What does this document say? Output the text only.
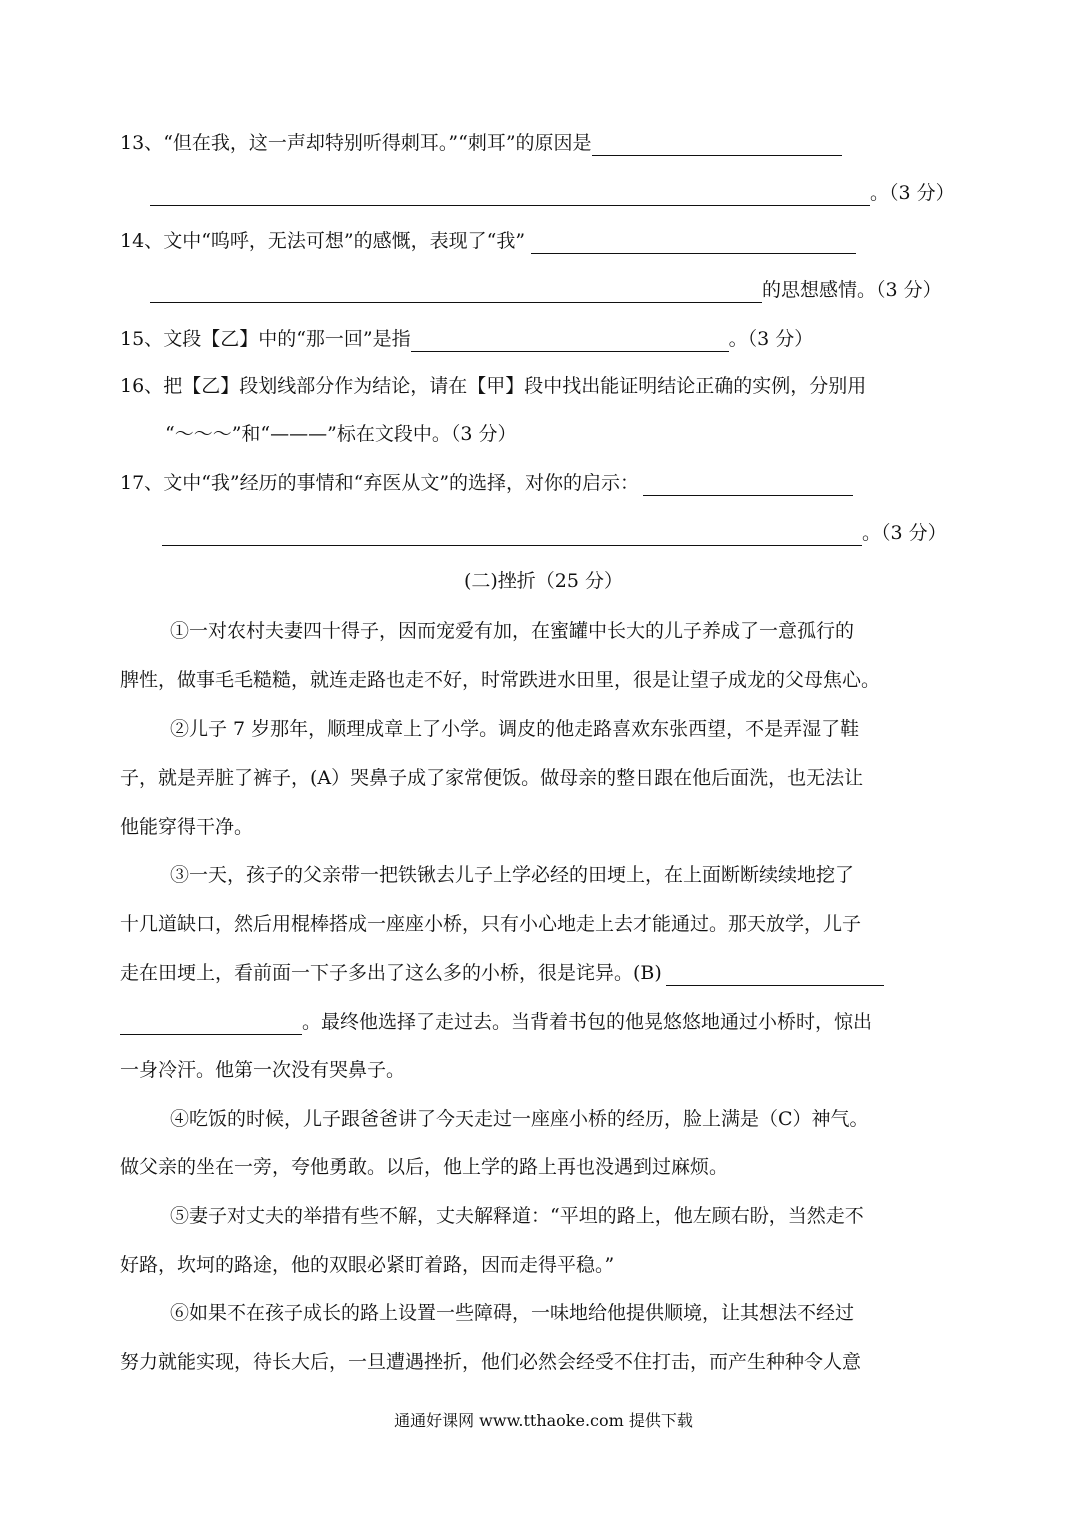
13、“但在我，这一声却特别听得刺耳。”“刺耳”的原因是
。（3 分）
14、文中“呜呼，无法可想”的感慨，表现了“我”
的思想感情。（3 分）
15、文段【乙】中的“那一回”是指	。（3 分）
16、把【乙】段划线部分作为结论，请在【甲】段中找出能证明结论正确的实例，分别用
“～～～”和“———”标在文段中。（3 分）
17、文中“我”经历的事情和“弃医从文”的选择，对你的启示：
。（3 分）
(二)挫折（25 分）
①一对农村夫妻四十得子，因而宠爱有加，在蜜罐中长大的儿子养成了一意孤行的
脾性，做事毛毛糙糙，就连走路也走不好，时常跌进水田里，很是让望子成龙的父母焦心。
②儿子 7 岁那年，顺理成章上了小学。调皮的他走路喜欢东张西望，不是弄湿了鞋
子，就是弄脏了裤子，(A）哭鼻子成了家常便饭。做母亲的整日跟在他后面洗，也无法让
他能穿得干净。
③一天，孩子的父亲带一把铁锹去儿子上学必经的田埂上，在上面断断续续地挖了
十几道缺口，然后用棍棒搭成一座座小桥，只有小心地走上去才能通过。那天放学，儿子
走在田埂上，看前面一下子多出了这么多的小桥，很是诧异。(B)
。最终他选择了走过去。当背着书包的他晃悠悠地通过小桥时，惊出
一身冷汗。他第一次没有哭鼻子。
④吃饭的时候，儿子跟爸爸讲了今天走过一座座小桥的经历，脸上满是（C）神气。
做父亲的坐在一旁，夸他勇敢。以后，他上学的路上再也没遇到过麻烦。
⑤妻子对丈夫的举措有些不解，丈夫解释道：“平坦的路上，他左顾右盼，当然走不
好路，坎坷的路途，他的双眼必紧盯着路，因而走得平稳。”
⑥如果不在孩子成长的路上设置一些障碍，一味地给他提供顺境，让其想法不经过
努力就能实现，待长大后，一旦遭遇挫折，他们必然会经受不住打击，而产生种种令人意
通通好课网 www.tthaoke.com 提供下载
